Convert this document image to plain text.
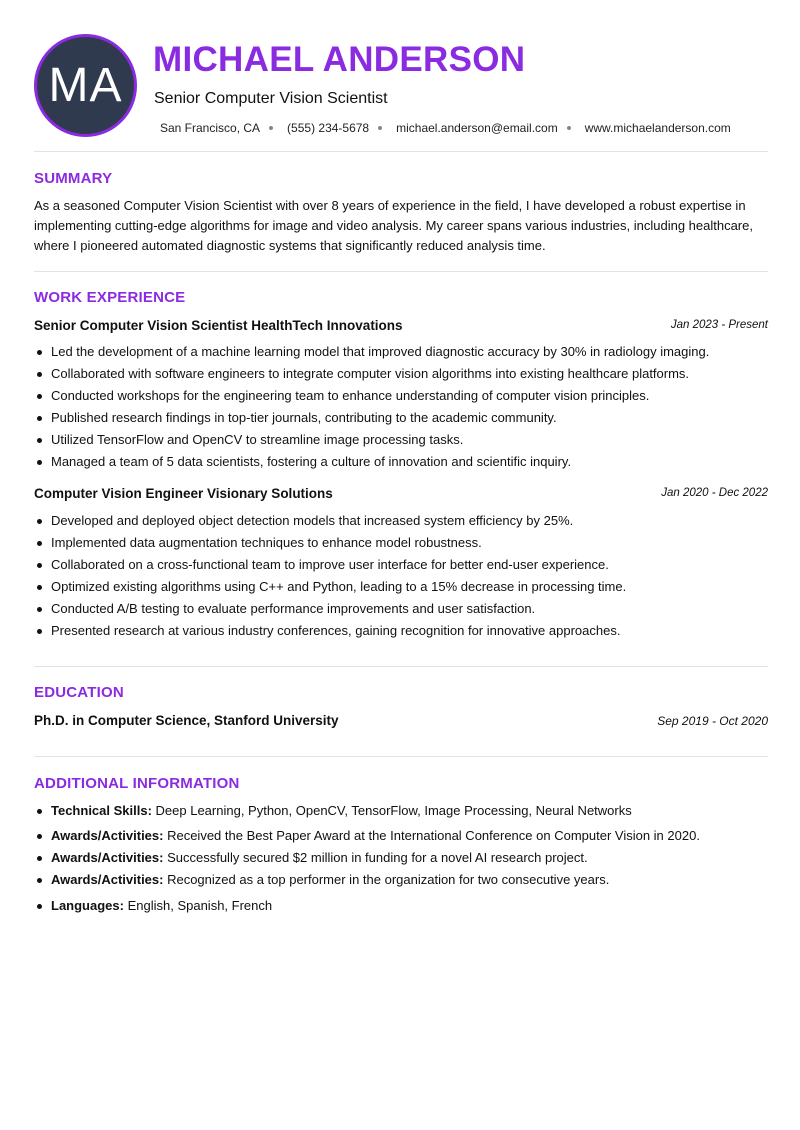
MA MICHAEL ANDERSON
Senior Computer Vision Scientist
San Francisco, CA (555) 234-5678 michael.anderson@email.com www.michaelanderson.com
SUMMARY
As a seasoned Computer Vision Scientist with over 8 years of experience in the field, I have developed a robust expertise in implementing cutting-edge algorithms for image and video analysis. My career spans various industries, including healthcare, where I pioneered automated diagnostic systems that significantly reduced analysis time.
WORK EXPERIENCE
Senior Computer Vision Scientist HealthTech Innovations	Jan 2023 - Present
Led the development of a machine learning model that improved diagnostic accuracy by 30% in radiology imaging.
Collaborated with software engineers to integrate computer vision algorithms into existing healthcare platforms.
Conducted workshops for the engineering team to enhance understanding of computer vision principles.
Published research findings in top-tier journals, contributing to the academic community.
Utilized TensorFlow and OpenCV to streamline image processing tasks.
Managed a team of 5 data scientists, fostering a culture of innovation and scientific inquiry.
Computer Vision Engineer Visionary Solutions	Jan 2020 - Dec 2022
Developed and deployed object detection models that increased system efficiency by 25%.
Implemented data augmentation techniques to enhance model robustness.
Collaborated on a cross-functional team to improve user interface for better end-user experience.
Optimized existing algorithms using C++ and Python, leading to a 15% decrease in processing time.
Conducted A/B testing to evaluate performance improvements and user satisfaction.
Presented research at various industry conferences, gaining recognition for innovative approaches.
EDUCATION
Ph.D. in Computer Science, Stanford University	Sep 2019 - Oct 2020
ADDITIONAL INFORMATION
Technical Skills: Deep Learning, Python, OpenCV, TensorFlow, Image Processing, Neural Networks
Awards/Activities: Received the Best Paper Award at the International Conference on Computer Vision in 2020.
Awards/Activities: Successfully secured $2 million in funding for a novel AI research project.
Awards/Activities: Recognized as a top performer in the organization for two consecutive years.
Languages: English, Spanish, French
